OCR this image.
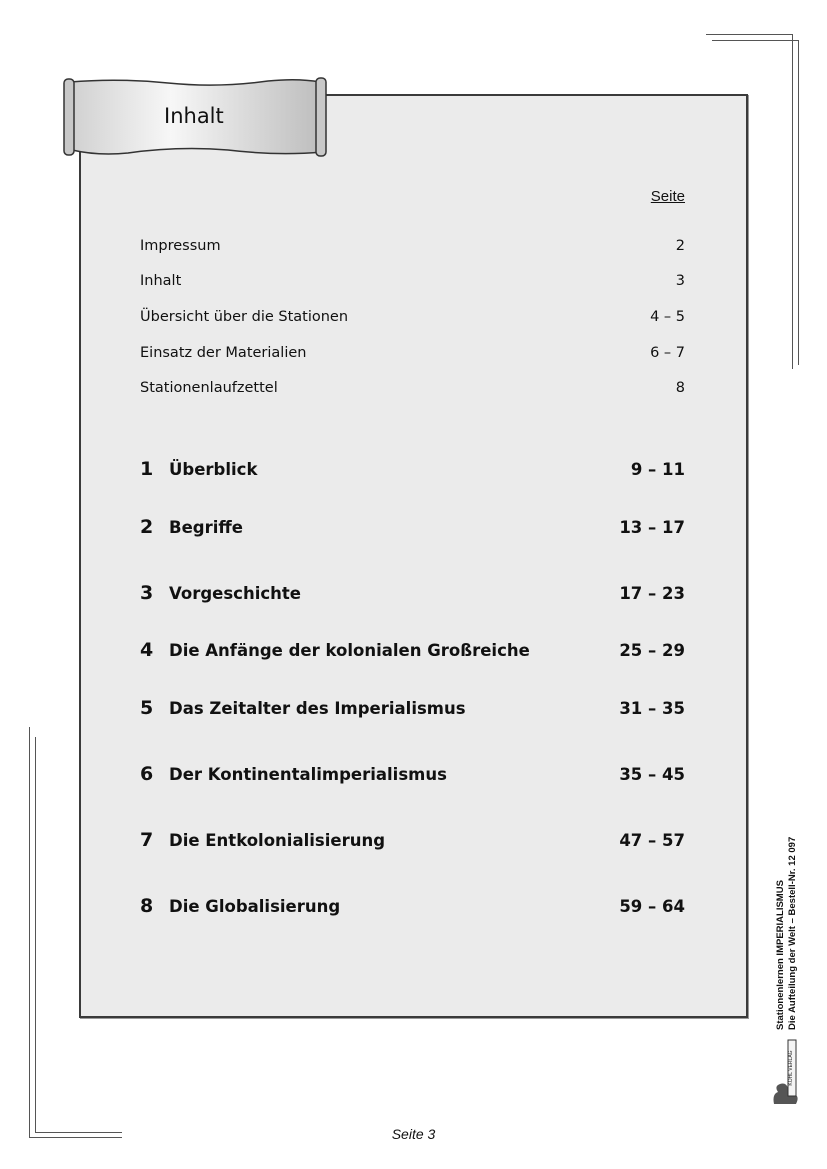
Inhalt
Seite
Impressum	2
Inhalt	3
Übersicht über die Stationen	4 – 5
Einsatz der Materialien	6 – 7
Stationenlaufzettel	8
1 Überblick	9 – 11
2 Begriffe	13 – 17
3 Vorgeschichte	17 – 23
4 Die Anfänge der kolonialen Großreiche	25 – 29
5 Das Zeitalter des Imperialismus	31 – 35
6 Der Kontinentalimperialismus	35 – 45
7 Die Entkolonialisierung	47 – 57
8 Die Globalisierung	59 – 64	Stationenlernen IMPERIALISMUS Die Aufteilung der Welt – Bestell-Nr. 12 097
KOHL VERLAG
Seite 3
